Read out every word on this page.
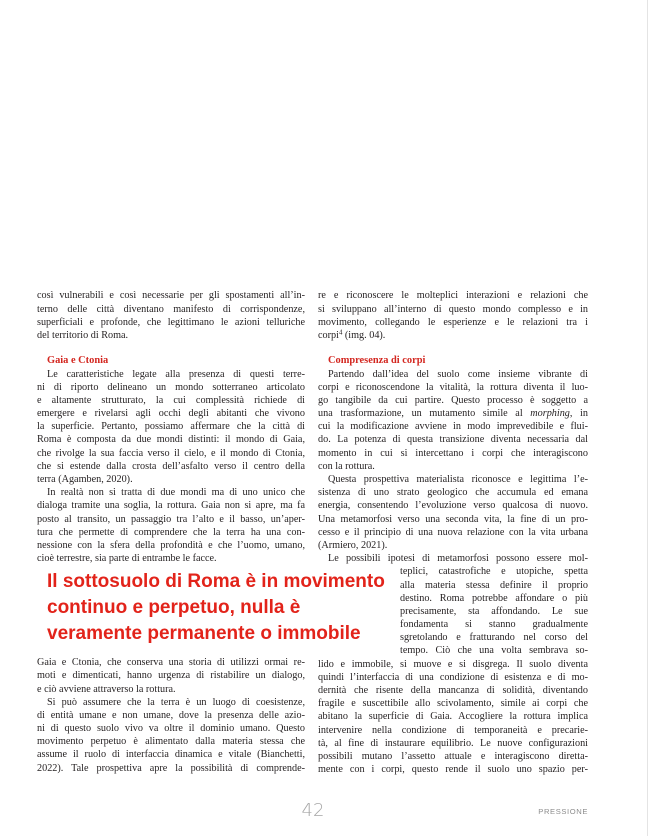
così vulnerabili e così necessarie per gli spostamenti all’in-
terno delle città diventano manifesto di corrispondenze,
superficiali e profonde, che legittimano le azioni telluriche
del territorio di Roma.
Gaia e Ctonia
Le caratteristiche legate alla presenza di questi terre-
ni di riporto delineano un mondo sotterraneo articolato
e altamente strutturato, la cui complessità richiede di
emergere e rivelarsi agli occhi degli abitanti che vivono
la superficie. Pertanto, possiamo affermare che la città di
Roma è composta da due mondi distinti: il mondo di Gaia,
che rivolge la sua faccia verso il cielo, e il mondo di Ctonia,
che si estende dalla crosta dell’asfalto verso il centro della
terra (Agamben, 2020).
In realtà non si tratta di due mondi ma di uno unico che
dialoga tramite una soglia, la rottura. Gaia non si apre, ma fa
posto al transito, un passaggio tra l’alto e il basso, un’aper-
tura che permette di comprendere che la terra ha una con-
nessione con la sfera della profondità e che l’uomo, umano,
cioè terrestre, sia parte di entrambe le facce.
Gaia e Ctonia, che conserva una storia di utilizzi ormai re-
moti e dimenticati, hanno urgenza di ristabilire un dialogo,
e ciò avviene attraverso la rottura.
Si può assumere che la terra è un luogo di coesistenze,
di entità umane e non umane, dove la presenza delle azio-
ni di questo suolo vivo va oltre il dominio umano. Questo
movimento perpetuo è alimentato dalla materia stessa che
assume il ruolo di interfaccia dinamica e vitale (Bianchetti,
2022). Tale prospettiva apre la possibilità di comprende-
re e riconoscere le molteplici interazioni e relazioni che
si sviluppano all’interno di questo mondo complesso e in
movimento, collegando le esperienze e le relazioni tra i
corpi$^4$ (img. 04).
Compresenza di corpi
Partendo dall’idea del suolo come insieme vibrante di
corpi e riconoscendone la vitalità, la rottura diventa il luo-
go tangibile da cui partire. Questo processo è soggetto a
una trasformazione, un mutamento simile al morphing, in
cui la modificazione avviene in modo imprevedibile e flui-
do. La potenza di questa transizione diventa necessaria dal
momento in cui si intercettano i corpi che interagiscono
con la rottura.
Questa prospettiva materialista riconosce e legittima l’e-
sistenza di uno strato geologico che accumula ed emana
energia, consentendo l’evoluzione verso qualcosa di nuovo.
Una metamorfosi verso una seconda vita, la fine di un pro-
cesso e il principio di una nuova relazione con la vita urbana
(Armiero, 2021).
Le possibili ipotesi di metamorfosi possono essere mol-
teplici, catastrofiche e utopiche, spetta
alla materia stessa definire il proprio
destino. Roma potrebbe affondare o più
precisamente, sta affondando. Le sue
fondamenta si stanno gradualmente
sgretolando e fratturando nel corso del
tempo. Ciò che una volta sembrava so-
lido e immobile, si muove e si disgrega. Il suolo diventa
quindi l’interfaccia di una condizione di esistenza e di mo-
dernità che risente della mancanza di solidità, diventando
fragile e suscettibile allo scivolamento, simile ai corpi che
abitano la superficie di Gaia. Accogliere la rottura implica
intervenire nella condizione di temporaneità e precarie-
tà, al fine di instaurare equilibrio. Le nuove configurazioni
possibili mutano l’assetto attuale e interagiscono diretta-
mente con i corpi, questo rende il suolo uno spazio per-
Il sottosuolo di Roma è in movimento
continuo e perpetuo, nulla è
veramente permanente o immobile
42	PRESSIONE
